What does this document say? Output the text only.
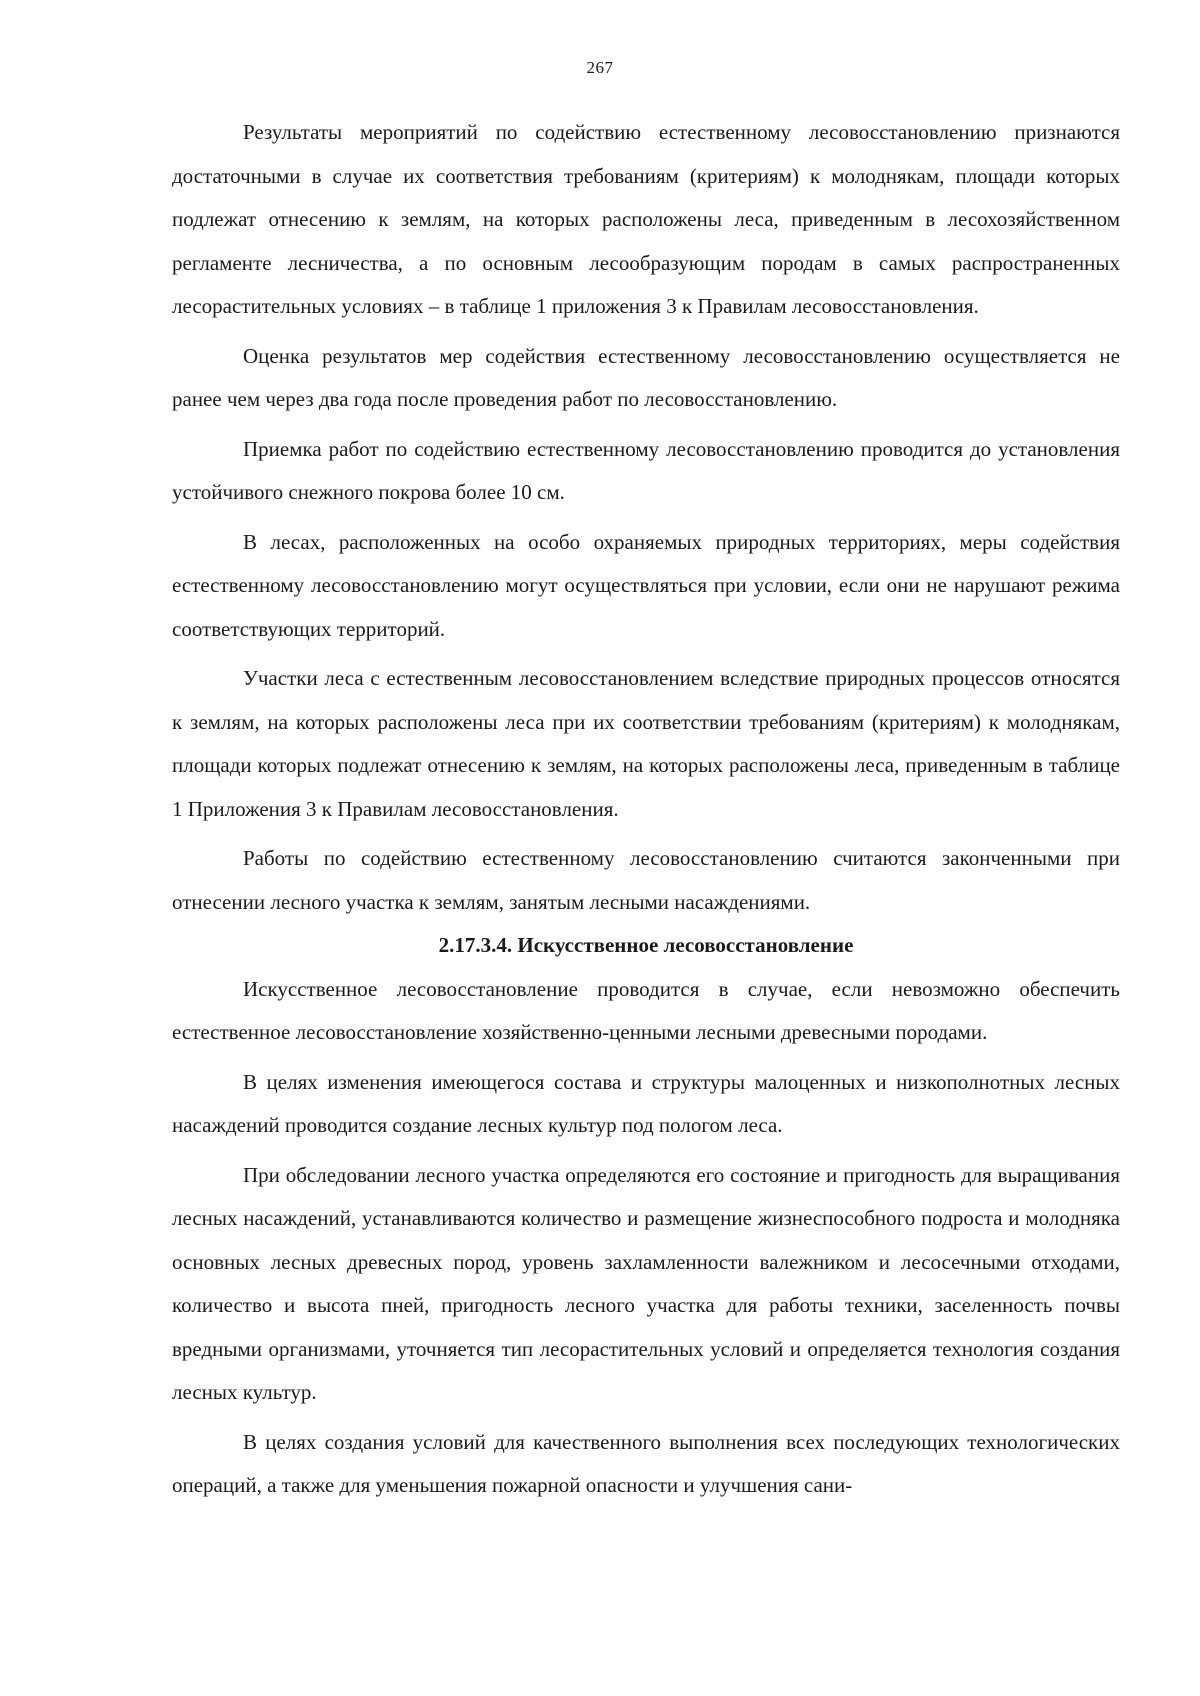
267

Результаты мероприятий по содействию естественному лесовосстановлению признаются достаточными в случае их соответствия требованиям (критериям) к молоднякам, площади которых подлежат отнесению к землям, на которых расположены леса, приведенным в лесохозяйственном регламенте лесничества, а по основным лесообразующим породам в самых распространенных лесорастительных условиях – в таблице 1 приложения 3 к Правилам лесовосстановления.

Оценка результатов мер содействия естественному лесовосстановлению осуществляется не ранее чем через два года после проведения работ по лесовосстановлению.

Приемка работ по содействию естественному лесовосстановлению проводится до установления устойчивого снежного покрова более 10 см.

В лесах, расположенных на особо охраняемых природных территориях, меры содействия естественному лесовосстановлению могут осуществляться при условии, если они не нарушают режима соответствующих территорий.

Участки леса с естественным лесовосстановлением вследствие природных процессов относятся к землям, на которых расположены леса при их соответствии требованиям (критериям) к молоднякам, площади которых подлежат отнесению к землям, на которых расположены леса, приведенным в таблице 1 Приложения 3 к Правилам лесовосстановления.

Работы по содействию естественному лесовосстановлению считаются законченными при отнесении лесного участка к землям, занятым лесными насаждениями.

2.17.3.4. Искусственное лесовосстановление

Искусственное лесовосстановление проводится в случае, если невозможно обеспечить естественное лесовосстановление хозяйственно-ценными лесными древесными породами.

В целях изменения имеющегося состава и структуры малоценных и низкополнотных лесных насаждений проводится создание лесных культур под пологом леса.

При обследовании лесного участка определяются его состояние и пригодность для выращивания лесных насаждений, устанавливаются количество и размещение жизнеспособного подроста и молодняка основных лесных древесных пород, уровень захламленности валежником и лесосечными отходами, количество и высота пней, пригодность лесного участка для работы техники, заселенность почвы вредными организмами, уточняется тип лесорастительных условий и определяется технология создания лесных культур.

В целях создания условий для качественного выполнения всех последующих технологических операций, а также для уменьшения пожарной опасности и улучшения сани-
